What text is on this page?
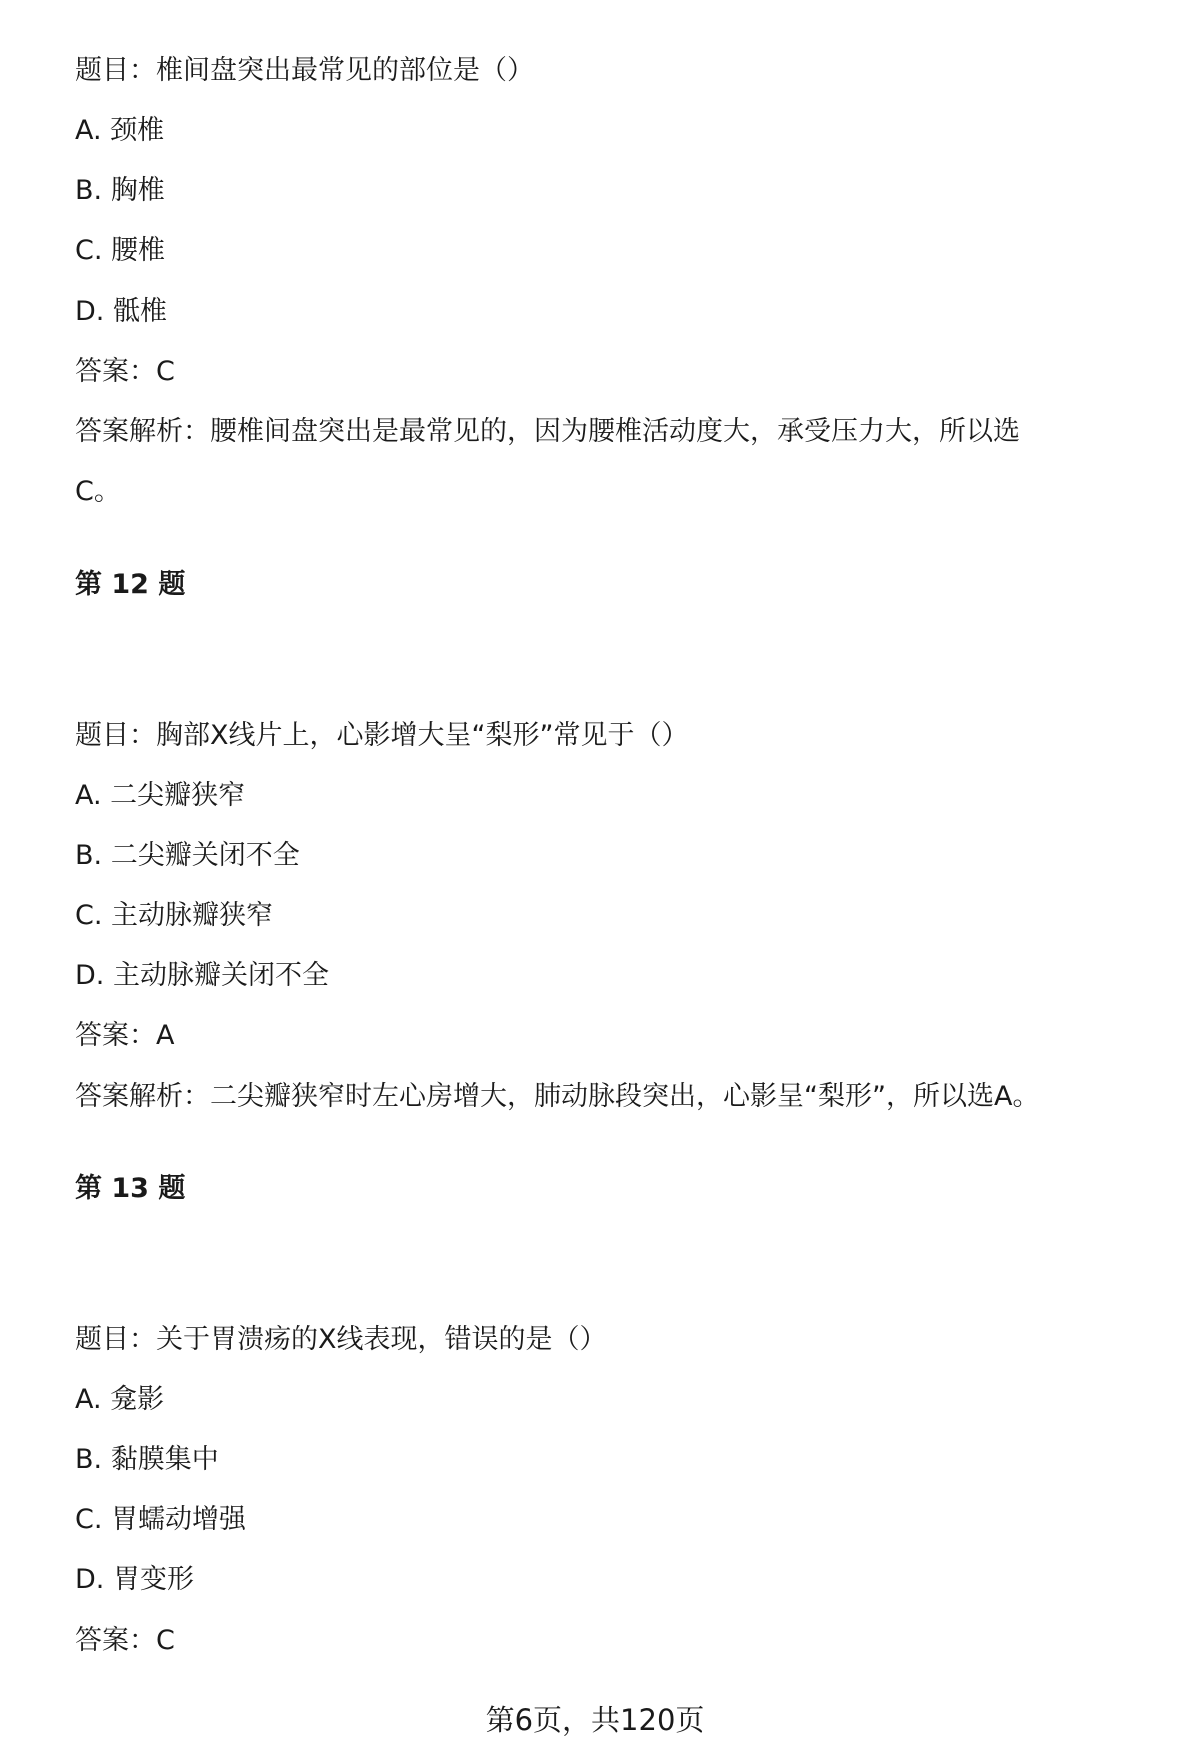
题目：椎间盘突出最常见的部位是（）
A. 颈椎
B. 胸椎
C. 腰椎
D. 骶椎
答案：C
答案解析：腰椎间盘突出是最常见的，因为腰椎活动度大，承受压力大，所以选
C。
第 12 题
题目：胸部X线片上，心影增大呈“梨形”常见于（）
A. 二尖瓣狭窄
B. 二尖瓣关闭不全
C. 主动脉瓣狭窄
D. 主动脉瓣关闭不全
答案：A
答案解析：二尖瓣狭窄时左心房增大，肺动脉段突出，心影呈“梨形”，所以选A。
第 13 题
题目：关于胃溃疡的X线表现，错误的是（）
A. 龛影
B. 黏膜集中
C. 胃蠕动增强
D. 胃变形
答案：C
第6页，共120页
